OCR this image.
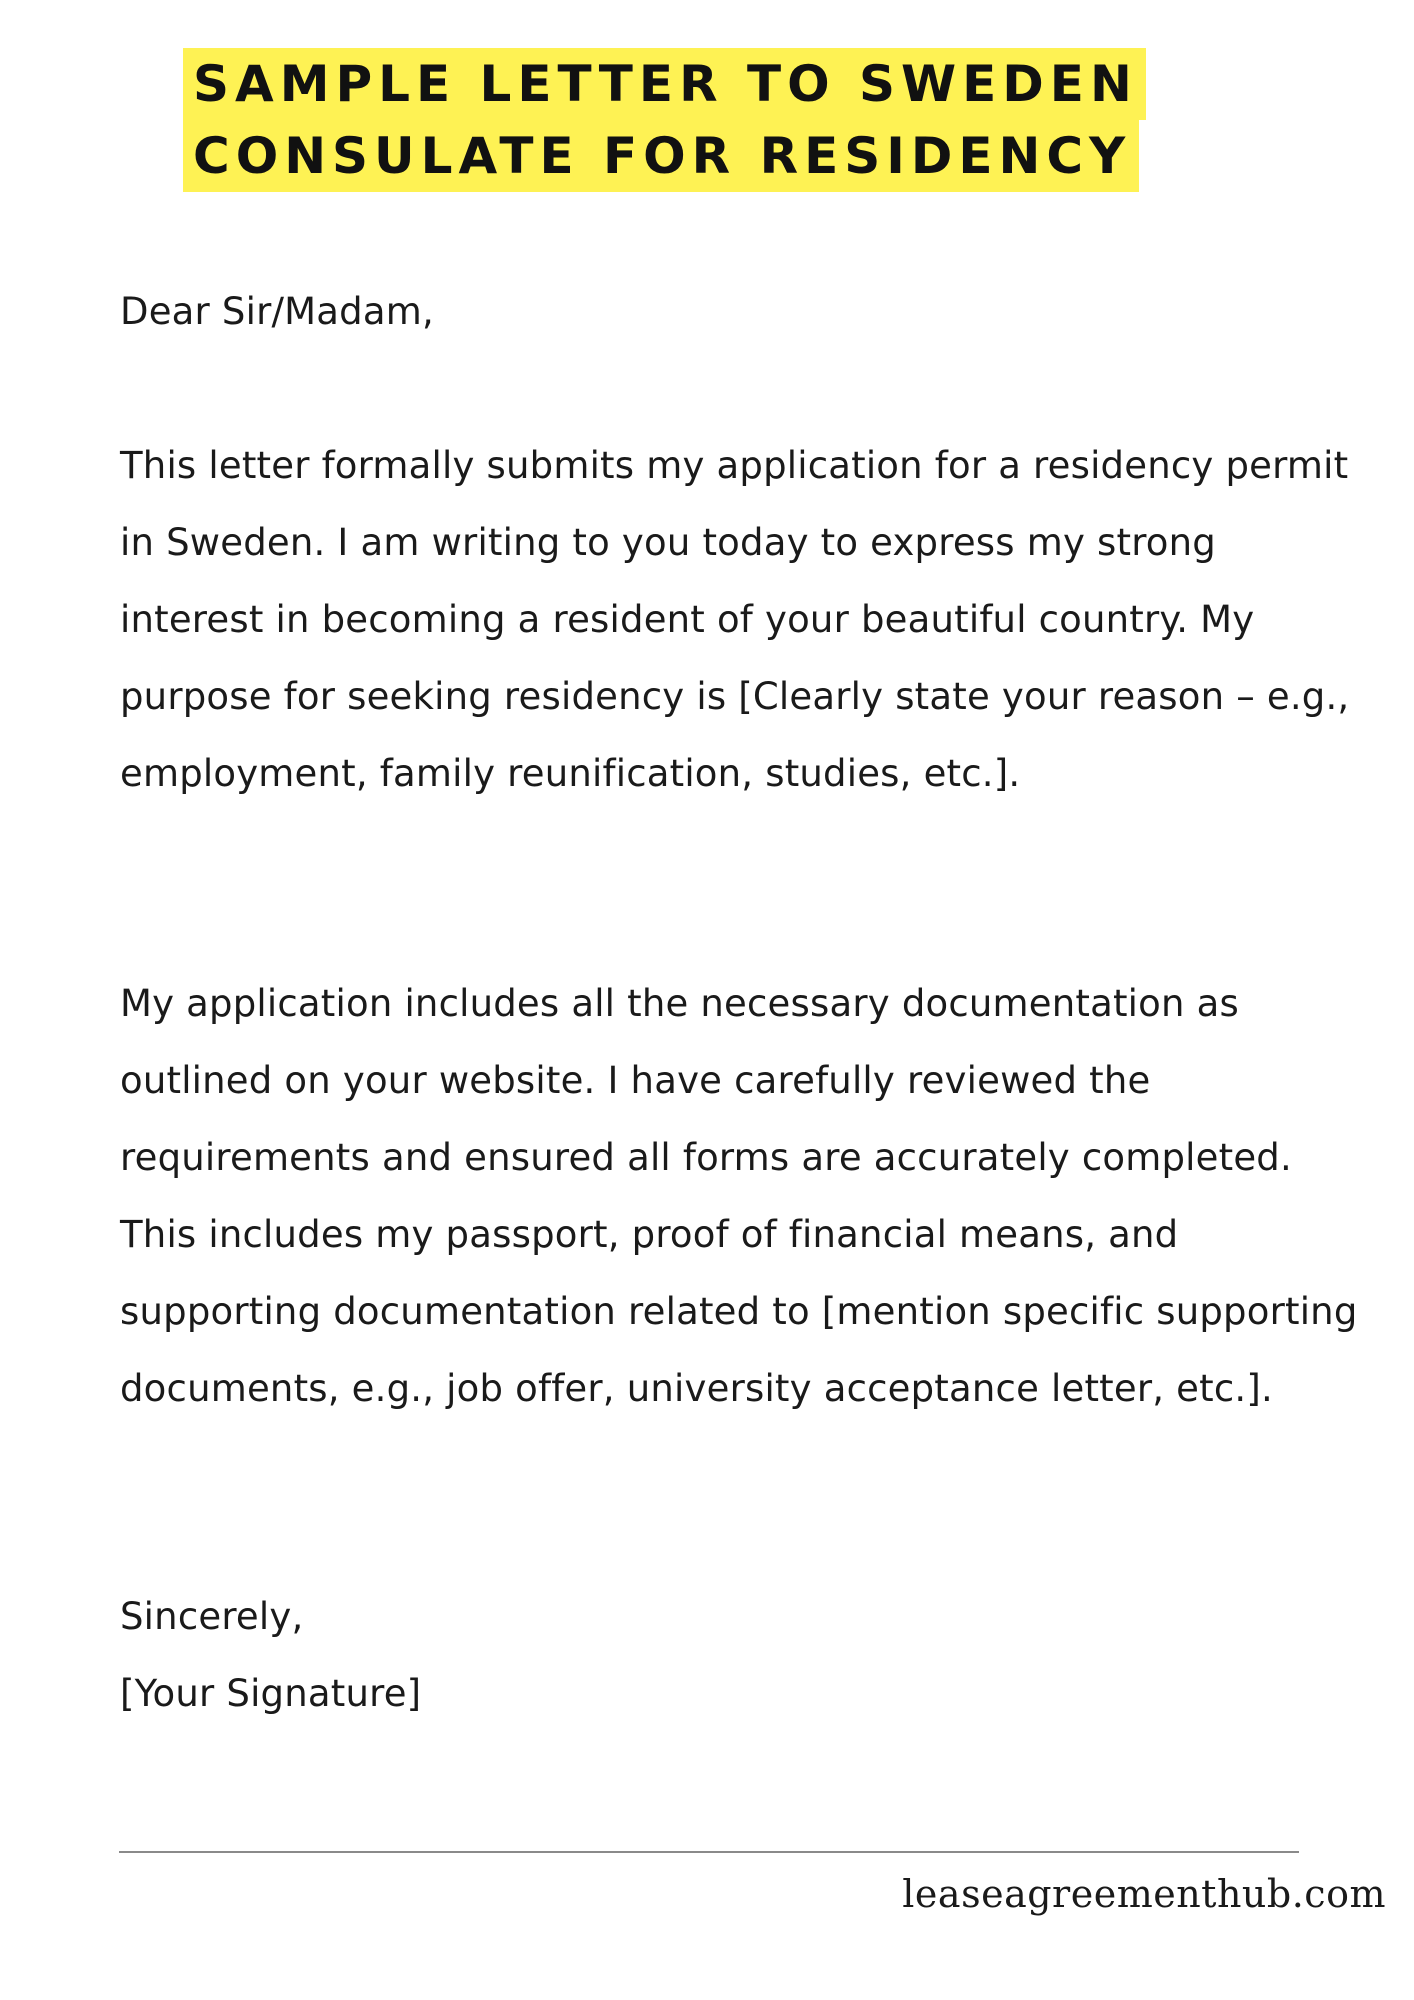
SAMPLE LETTER TO SWEDEN
CONSULATE FOR RESIDENCY

Dear Sir/Madam,

This letter formally submits my application for a residency permit in Sweden. I am writing to you today to express my strong interest in becoming a resident of your beautiful country. My purpose for seeking residency is [Clearly state your reason – e.g., employment, family reunification, studies, etc.].

My application includes all the necessary documentation as outlined on your website. I have carefully reviewed the requirements and ensured all forms are accurately completed. This includes my passport, proof of financial means, and supporting documentation related to [mention specific supporting documents, e.g., job offer, university acceptance letter, etc.].

Sincerely,

[Your Signature]

leaseagreementhub.com
